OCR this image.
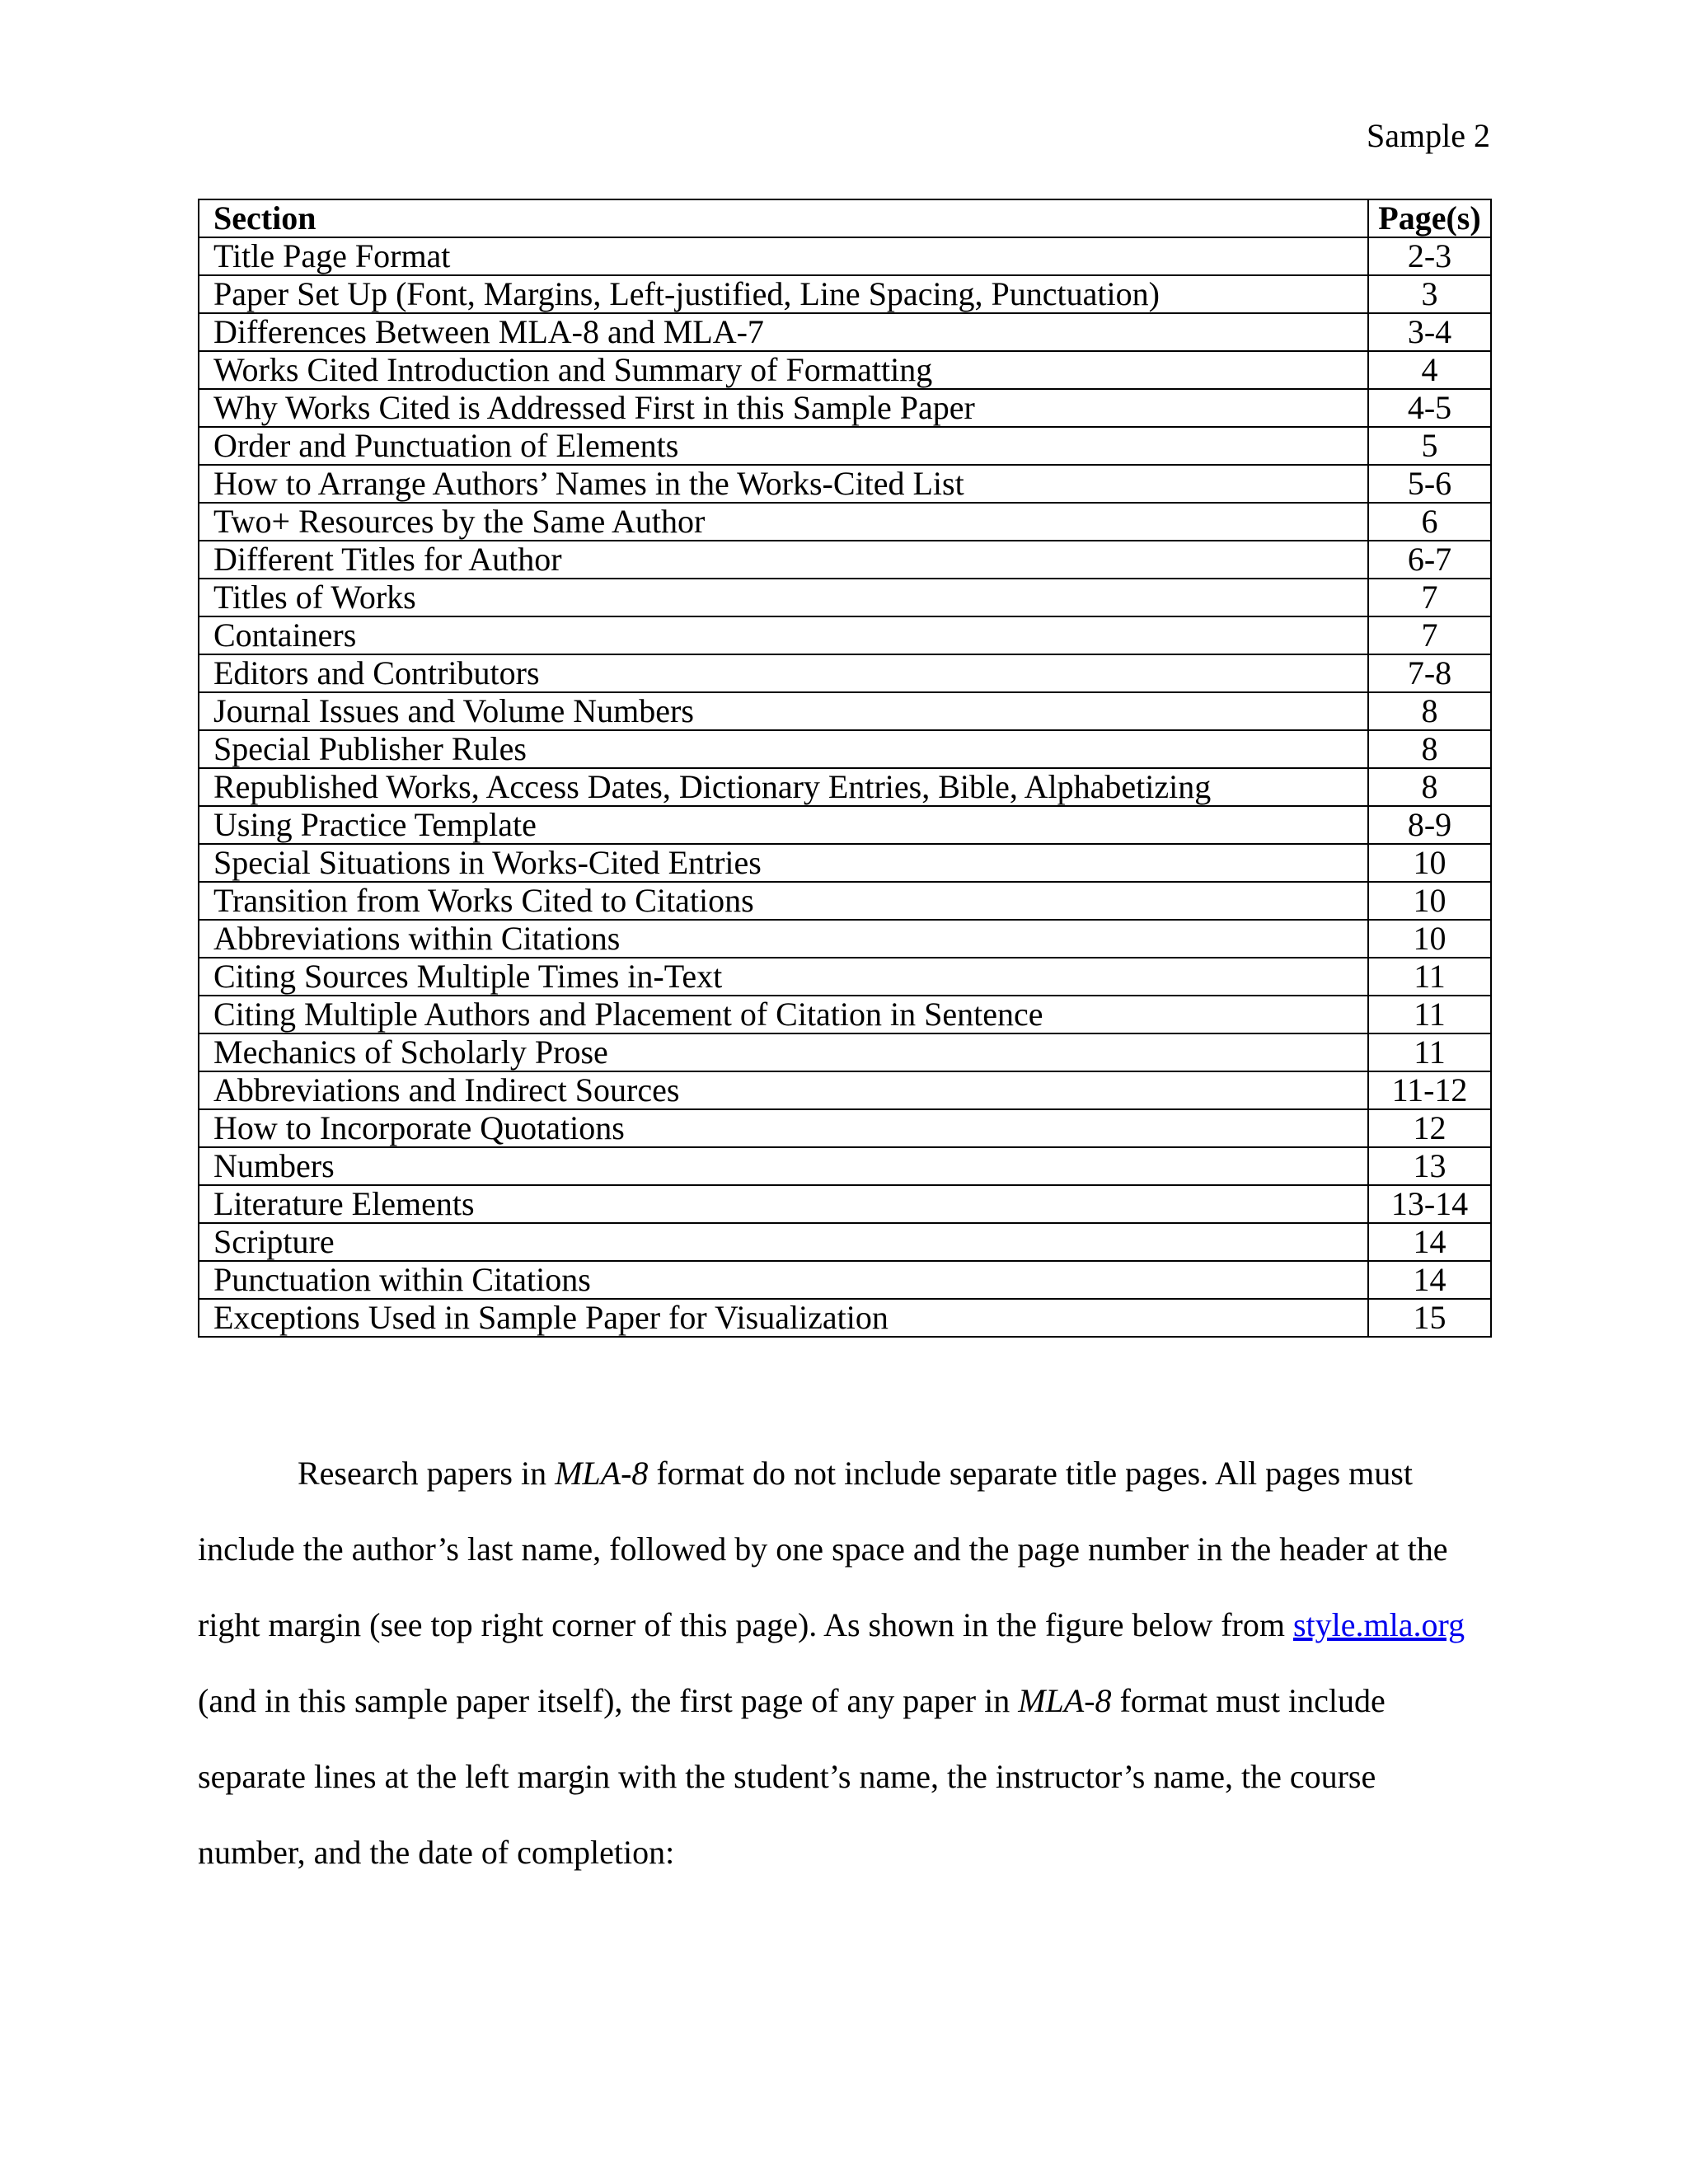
Sample 2
Section	Page(s)
Title Page Format	2-3
Paper Set Up (Font, Margins, Left-justified, Line Spacing, Punctuation)	3
Differences Between MLA-8 and MLA-7	3-4
Works Cited Introduction and Summary of Formatting	4
Why Works Cited is Addressed First in this Sample Paper	4-5
Order and Punctuation of Elements	5
How to Arrange Authors’ Names in the Works-Cited List	5-6
Two+ Resources by the Same Author	6
Different Titles for Author	6-7
Titles of Works	7
Containers	7
Editors and Contributors	7-8
Journal Issues and Volume Numbers	8
Special Publisher Rules	8
Republished Works, Access Dates, Dictionary Entries, Bible, Alphabetizing	8
Using Practice Template	8-9
Special Situations in Works-Cited Entries	10
Transition from Works Cited to Citations	10
Abbreviations within Citations	10
Citing Sources Multiple Times in-Text	11
Citing Multiple Authors and Placement of Citation in Sentence	11
Mechanics of Scholarly Prose	11
Abbreviations and Indirect Sources	11-12
How to Incorporate Quotations	12
Numbers	13
Literature Elements	13-14
Scripture	14
Punctuation within Citations	14
Exceptions Used in Sample Paper for Visualization	15
Research papers in MLA-8 format do not include separate title pages. All pages must
include the author’s last name, followed by one space and the page number in the header at the
right margin (see top right corner of this page). As shown in the figure below from style.mla.org
(and in this sample paper itself), the first page of any paper in MLA-8 format must include
separate lines at the left margin with the student’s name, the instructor’s name, the course
number, and the date of completion:
